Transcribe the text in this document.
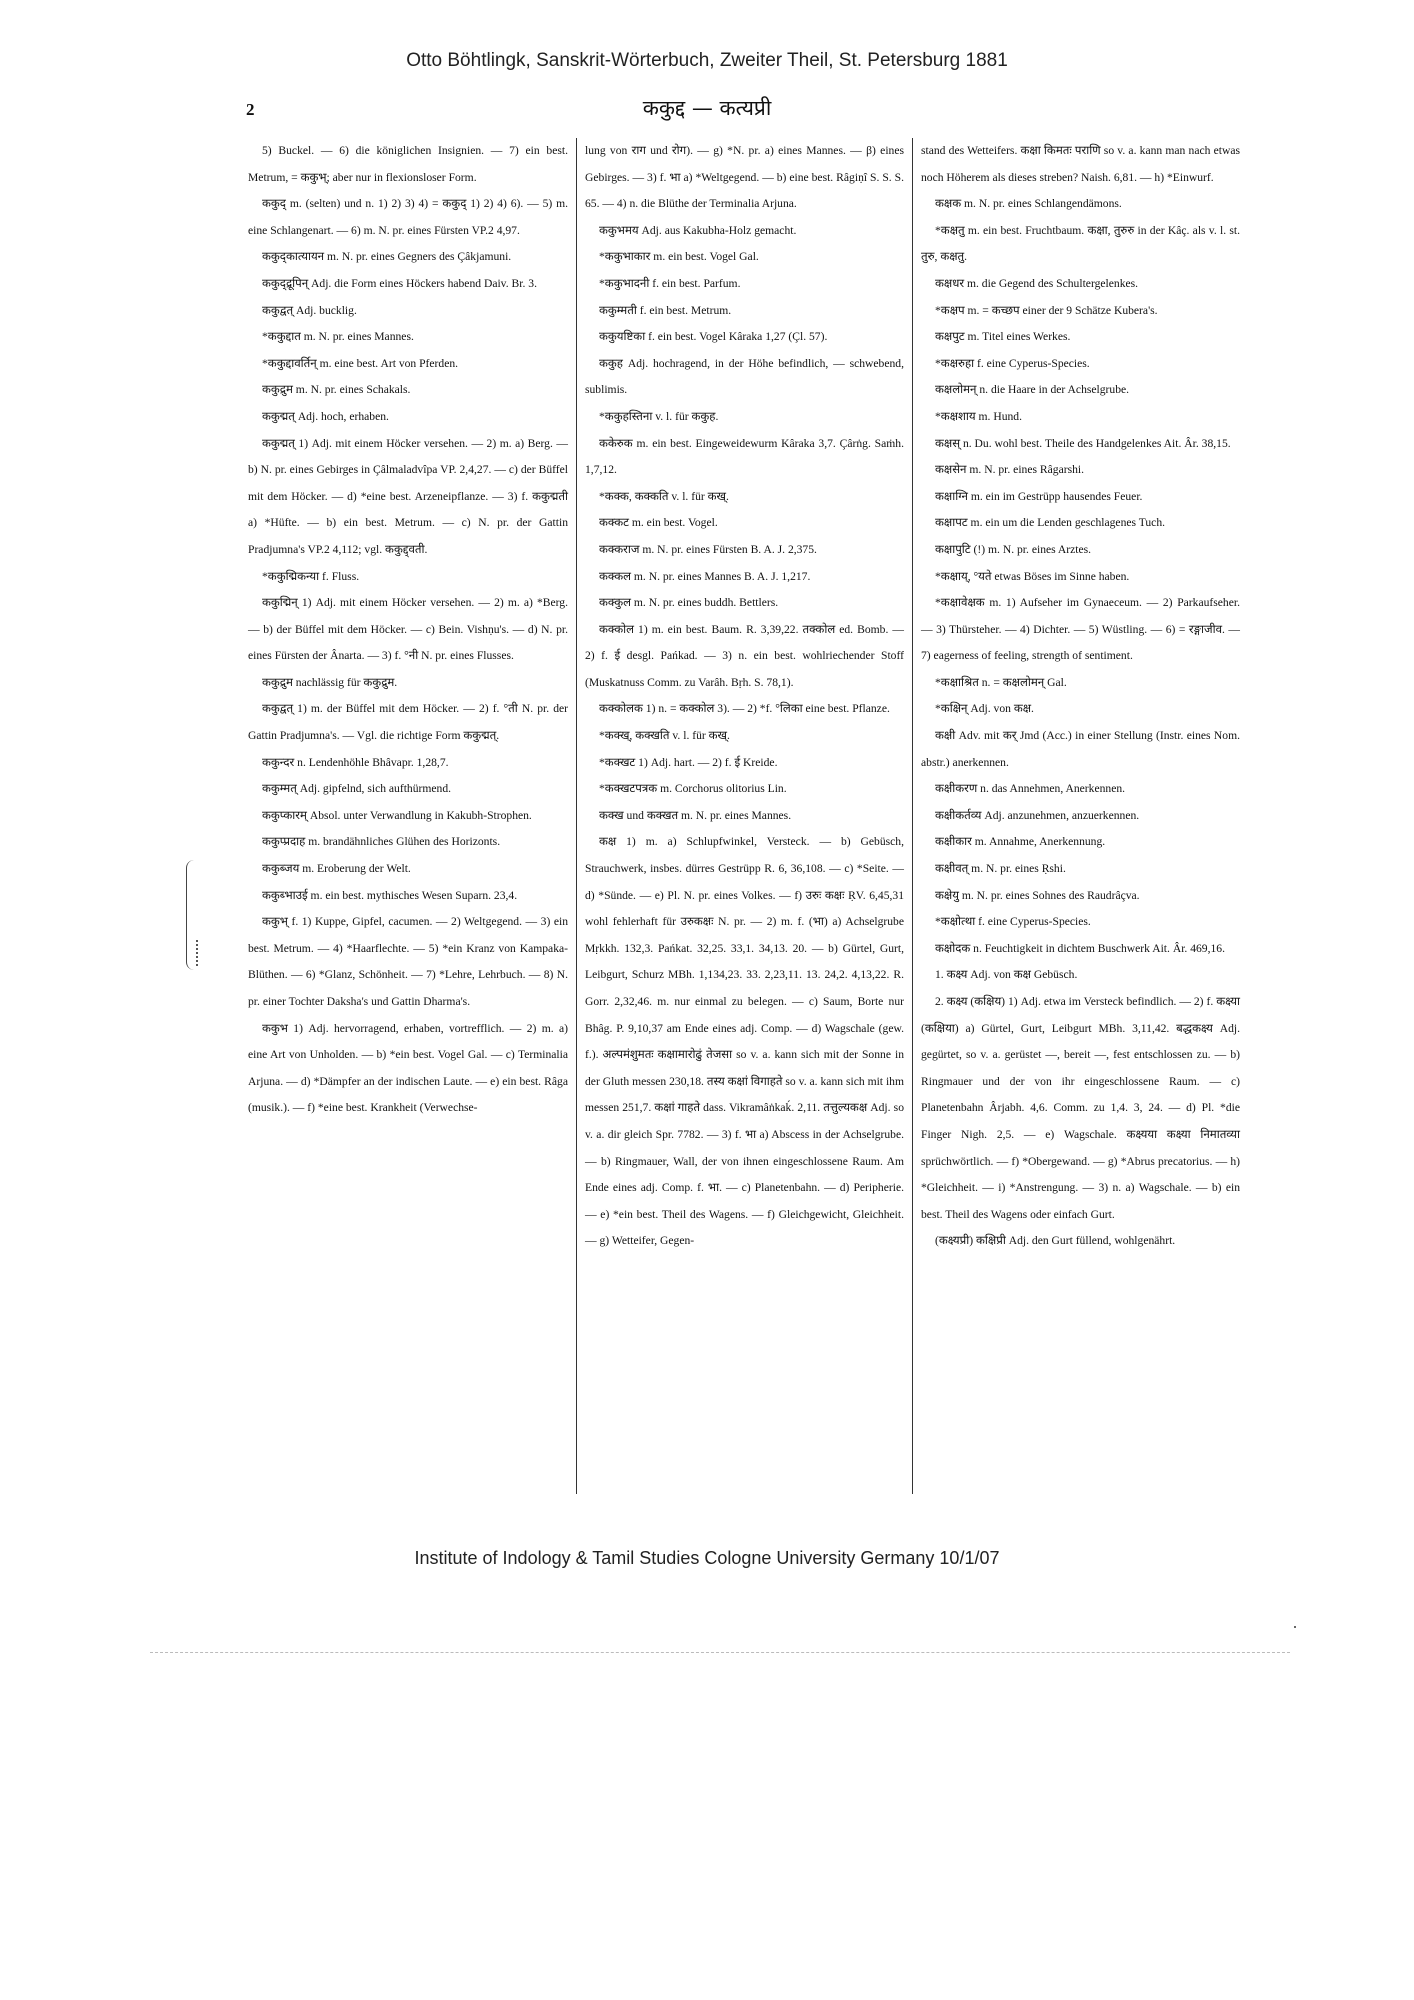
Otto Böhtlingk, Sanskrit-Wörterbuch, Zweiter Theil, St. Petersburg 1881
2	ककुद्द — कत्यप्री

5) Buckel. — 6) die königlichen Insignien. — 7) ein best. Metrum, = ककुभ्; aber nur in flexionsloser Form.

ककुद् m. (selten) und n. 1) 2) 3) 4) = ककुद् 1) 2) 4) 6). — 5) m. eine Schlangenart. — 6) m. N. pr. eines Fürsten VP.2 4,97.

ककुद्कात्यायन m. N. pr. eines Gegners des Çâkjamuni.

ककुद्द्रूपिन् Adj. die Form eines Höckers habend Daiv. Br. 3.

ककुद्वत् Adj. bucklig.

*ककुद्दात m. N. pr. eines Mannes.

*ककुद्दावर्तिन् m. eine best. Art von Pferden.

ककुद्रुम m. N. pr. eines Schakals.

ककुद्मत् Adj. hoch, erhaben.

ककुद्मत् 1) Adj. mit einem Höcker versehen. — 2) m. a) Berg. — b) N. pr. eines Gebirges in Çâlmaladvîpa VP. 2,4,27. — c) der Büffel mit dem Höcker. — d) *eine best. Arzeneipflanze. — 3) f. ककुद्मती a) *Hüfte. — b) ein best. Metrum. — c) N. pr. der Gattin Pradjumna's VP.2 4,112; vgl. ककुद्द्वती.

*ककुद्मिकन्या f. Fluss.

ककुद्मिन् 1) Adj. mit einem Höcker versehen. — 2) m. a) *Berg. — b) der Büffel mit dem Höcker. — c) Bein. Vishṇu's. — d) N. pr. eines Fürsten der Ânarta. — 3) f. °नी N. pr. eines Flusses.

ककुद्रुम nachlässig für ककुद्रुम.

ककुद्वत् 1) m. der Büffel mit dem Höcker. — 2) f. °ती N. pr. der Gattin Pradjumna's. — Vgl. die richtige Form ककुद्मत्.

ककुन्दर n. Lendenhöhle Bhâvapr. 1,28,7.

ककुम्मत् Adj. gipfelnd, sich aufthürmend.

ककुप्कारम् Absol. unter Verwandlung in Kakubh-Strophen.

ककुप्प्रदाह m. brandähnliches Glühen des Horizonts.

ककुब्जय m. Eroberung der Welt.

ककुब्भाउई m. ein best. mythisches Wesen Suparn. 23,4.

ककुभ् f. 1) Kuppe, Gipfel, cacumen. — 2) Weltgegend. — 3) ein best. Metrum. — 4) *Haarflechte. — 5) *ein Kranz von Kampaka-Blüthen. — 6) *Glanz, Schönheit. — 7) *Lehre, Lehrbuch. — 8) N. pr. einer Tochter Daksha's und Gattin Dharma's.

ककुभ 1) Adj. hervorragend, erhaben, vortrefflich. — 2) m. a) eine Art von Unholden. — b) *ein best. Vogel Gal. — c) Terminalia Arjuna. — d) *Dämpfer an der indischen Laute. — e) ein best. Râga (musik.). — f) *eine best. Krankheit (Verwechse-

lung von राग und रोग). — g) *N. pr. a) eines Mannes. — β) eines Gebirges. — 3) f. भा a) *Weltgegend. — b) eine best. Râgiṇî S. S. S. 65. — 4) n. die Blüthe der Terminalia Arjuna.

ककुभमय Adj. aus Kakubha-Holz gemacht.

*ककुभाकार m. ein best. Vogel Gal.

*ककुभादनी f. ein best. Parfum.

ककुम्मती f. ein best. Metrum.

ककुयष्टिका f. ein best. Vogel Kâraka 1,27 (Çl. 57).

ककुह Adj. hochragend, in der Höhe befindlich, — schwebend, sublimis.

*ककुहस्तिना v. l. für ककुह.

ककेरुक m. ein best. Eingeweidewurm Kâraka 3,7. Çârṅg. Saṁh. 1,7,12.

*कक्क, कक्कति v. l. für कख्.

कक्कट m. ein best. Vogel.

कक्कराज m. N. pr. eines Fürsten B. A. J. 2,375.

कक्कल m. N. pr. eines Mannes B. A. J. 1,217.

कक्कुल m. N. pr. eines buddh. Bettlers.

कक्कोल 1) m. ein best. Baum. R. 3,39,22. तक्कोल ed. Bomb. — 2) f. ई desgl. Pańkad. — 3) n. ein best. wohlriechender Stoff (Muskatnuss Comm. zu Varâh. Bṛh. S. 78,1).

कक्कोलक 1) n. = कक्कोल 3). — 2) *f. °लिका eine best. Pflanze.

*कक्ख्, कक्खति v. l. für कख्.

*कक्खट 1) Adj. hart. — 2) f. ई Kreide.

*कक्खटपत्रक m. Corchorus olitorius Lin.

कक्ख und कक्खत m. N. pr. eines Mannes.

कक्ष 1) m. a) Schlupfwinkel, Versteck. — b) Gebüsch, Strauchwerk, insbes. dürres Gestrüpp R. 6, 36,108. — c) *Seite. — d) *Sünde. — e) Pl. N. pr. eines Volkes. — f) उरुः कक्षः ṚV. 6,45,31 wohl fehlerhaft für उरुकक्षः N. pr. — 2) m. f. (भा) a) Achselgrube Mṛkkh. 132,3. Pańkat. 32,25. 33,1. 34,13. 20. — b) Gürtel, Gurt, Leibgurt, Schurz MBh. 1,134,23. 33. 2,23,11. 13. 24,2. 4,13,22. R. Gorr. 2,32,46. m. nur einmal zu belegen. — c) Saum, Borte nur Bhâg. P. 9,10,37 am Ende eines adj. Comp. — d) Wagschale (gew. f.). अल्पमंशुमतः कक्षामारोढुं तेजसा so v. a. kann sich mit der Sonne in der Gluth messen 230,18. तस्य कक्षां विगाहते so v. a. kann sich mit ihm messen 251,7. कक्षां गाहते dass. Vikramâṅkaḱ. 2,11. तत्तुल्यकक्ष Adj. so v. a. dir gleich Spr. 7782. — 3) f. भा a) Abscess in der Achselgrube. — b) Ringmauer, Wall, der von ihnen eingeschlossene Raum. Am Ende eines adj. Comp. f. भा. — c) Planetenbahn. — d) Peripherie. — e) *ein best. Theil des Wagens. — f) Gleichgewicht, Gleichheit. — g) Wetteifer, Gegen-

stand des Wetteifers. कक्षा किमतः पराणि so v. a. kann man nach etwas noch Höherem als dieses streben? Naish. 6,81. — h) *Einwurf.

कक्षक m. N. pr. eines Schlangendämons.

*कक्षतु m. ein best. Fruchtbaum. कक्षा, तुरुरु in der Kâç. als v. l. st. तुरु, कक्षतु.

कक्षधर m. die Gegend des Schultergelenkes.

*कक्षप m. = कच्छप einer der 9 Schätze Kubera's.

कक्षपुट m. Titel eines Werkes.

*कक्षरुहा f. eine Cyperus-Species.

कक्षलोमन् n. die Haare in der Achselgrube.

*कक्षशाय m. Hund.

कक्षस् n. Du. wohl best. Theile des Handgelenkes Ait. Âr. 38,15.

कक्षसेन m. N. pr. eines Râgarshi.

कक्षाग्नि m. ein im Gestrüpp hausendes Feuer.

कक्षापट m. ein um die Lenden geschlagenes Tuch.

कक्षापुटि (!) m. N. pr. eines Arztes.

*कक्षाय्, °यते etwas Böses im Sinne haben.

*कक्षावेक्षक m. 1) Aufseher im Gynaeceum. — 2) Parkaufseher. — 3) Thürsteher. — 4) Dichter. — 5) Wüstling. — 6) = रङ्गाजीव. — 7) eagerness of feeling, strength of sentiment.

*कक्षाश्रित n. = कक्षलोमन् Gal.

*कक्षिन् Adj. von कक्ष.

कक्षी Adv. mit कर् Jmd (Acc.) in einer Stellung (Instr. eines Nom. abstr.) anerkennen.

कक्षीकरण n. das Annehmen, Anerkennen.

कक्षीकर्तव्य Adj. anzunehmen, anzuerkennen.

कक्षीकार m. Annahme, Anerkennung.

कक्षीवत् m. N. pr. eines Ṛshi.

कक्षेयु m. N. pr. eines Sohnes des Raudrâçva.

*कक्षोत्था f. eine Cyperus-Species.

कक्षोदक n. Feuchtigkeit in dichtem Buschwerk Ait. Âr. 469,16.

1. कक्ष्य Adj. von कक्ष Gebüsch.

2. कक्ष्य (कक्षिय) 1) Adj. etwa im Versteck befindlich. — 2) f. कक्ष्या (कक्षिया) a) Gürtel, Gurt, Leibgurt MBh. 3,11,42. बद्धकक्ष्य Adj. gegürtet, so v. a. gerüstet —, bereit —, fest entschlossen zu. — b) Ringmauer und der von ihr eingeschlossene Raum. — c) Planetenbahn Ârjabh. 4,6. Comm. zu 1,4. 3, 24. — d) Pl. *die Finger Nigh. 2,5. — e) Wagschale. कक्ष्यया कक्ष्या निमातव्या sprüchwörtlich. — f) *Obergewand. — g) *Abrus precatorius. — h) *Gleichheit. — i) *Anstrengung. — 3) n. a) Wagschale. — b) ein best. Theil des Wagens oder einfach Gurt.

(कक्ष्यप्री) कक्षिप्री Adj. den Gurt füllend, wohlgenährt.

Institute of Indology & Tamil Studies Cologne University Germany 10/1/07
